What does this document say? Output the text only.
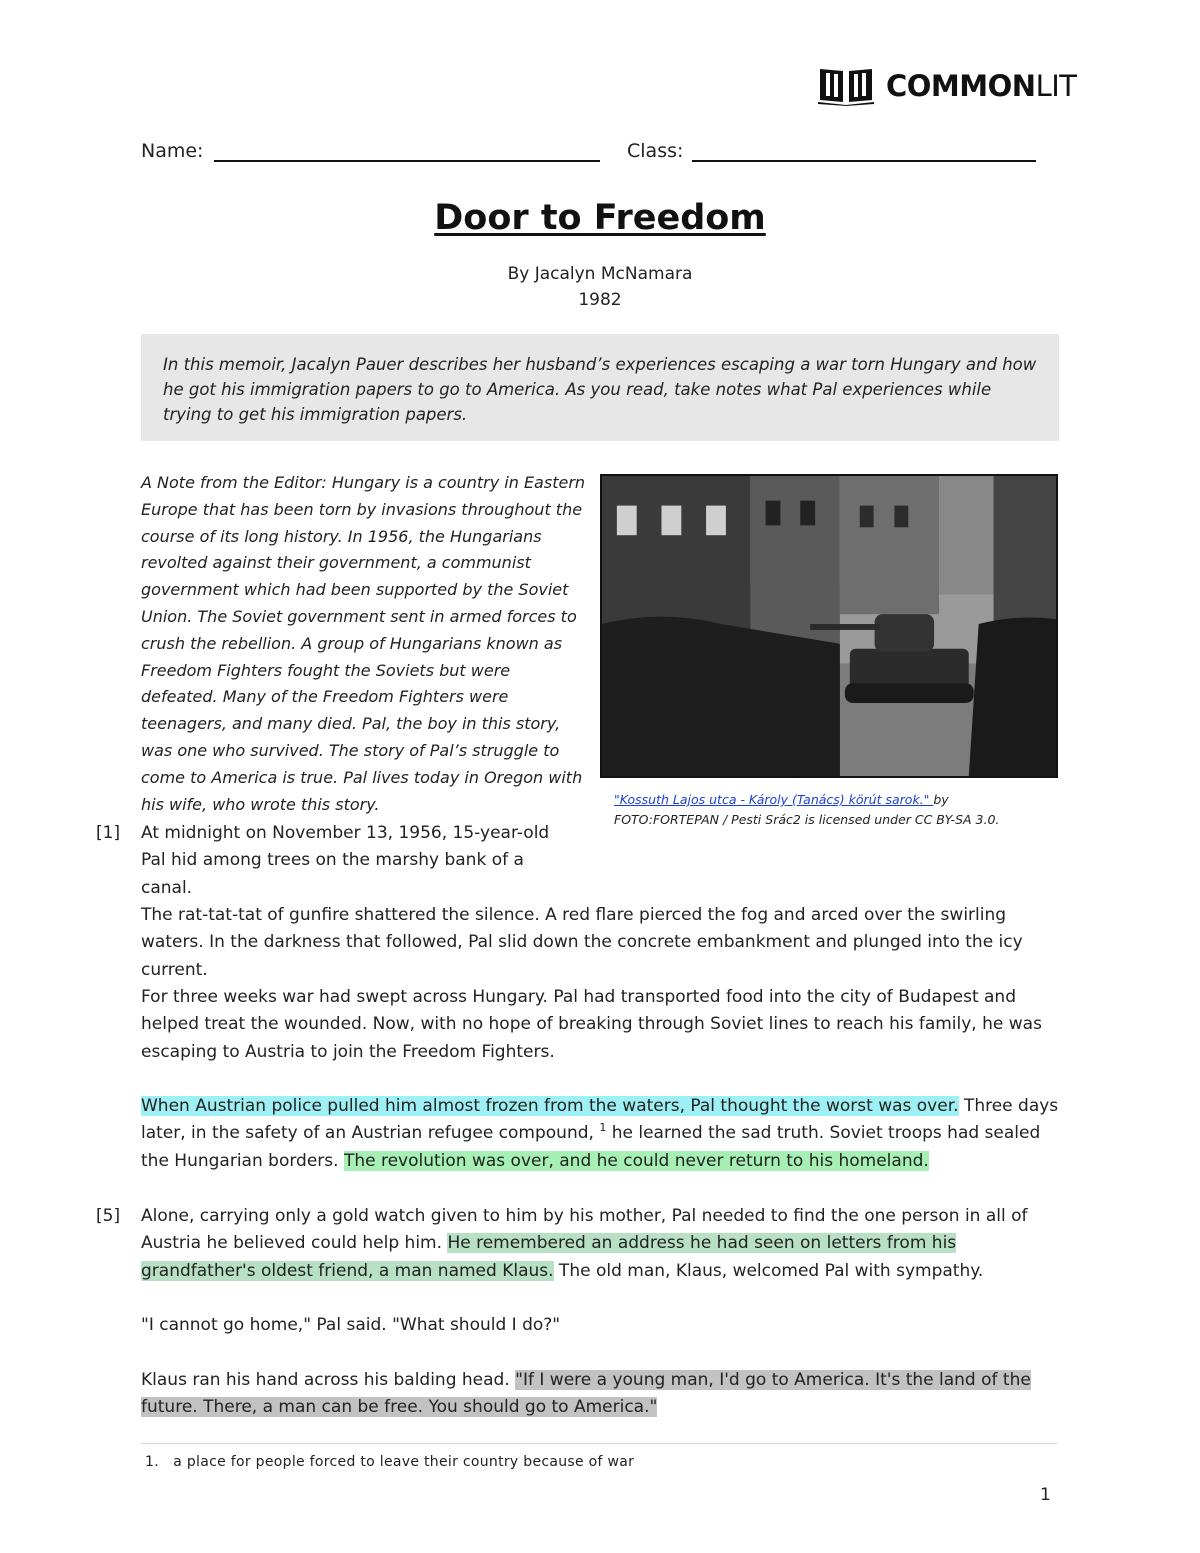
COMMONLIT
Name:	Class:
Door to Freedom
By Jacalyn McNamara
1982

In this memoir, Jacalyn Pauer describes her husband’s experiences escaping a war torn Hungary and how he got his immigration papers to go to America. As you read, take notes what Pal experiences while trying to get his immigration papers.

A Note from the Editor: Hungary is a country in Eastern Europe that has been torn by invasions throughout the course of its long history. In 1956, the Hungarians revolted against their government, a communist government which had been supported by the Soviet Union. The Soviet government sent in armed forces to crush the rebellion. A group of Hungarians known as Freedom Fighters fought the Soviets but were defeated. Many of the Freedom Fighters were teenagers, and many died. Pal, the boy in this story, was one who survived. The story of Pal’s struggle to come to America is true. Pal lives today in Oregon with his wife, who wrote this story.	"Kossuth Lajos utca - Károly (Tanács) körút sarok." by
FOTO:FORTEPAN / Pesti Srác2 is licensed under CC BY-SA 3.0.

[1] At midnight on November 13, 1956, 15-year-old Pal hid among trees on the marshy bank of a canal.

The rat-tat-tat of gunfire shattered the silence. A red flare pierced the fog and arced over the swirling waters. In the darkness that followed, Pal slid down the concrete embankment and plunged into the icy current.

For three weeks war had swept across Hungary. Pal had transported food into the city of Budapest and helped treat the wounded. Now, with no hope of breaking through Soviet lines to reach his family, he was escaping to Austria to join the Freedom Fighters.

When Austrian police pulled him almost frozen from the waters, Pal thought the worst was over. Three days later, in the safety of an Austrian refugee compound, $^1$ he learned the sad truth. Soviet troops had sealed the Hungarian borders. The revolution was over, and he could never return to his homeland.

[5] Alone, carrying only a gold watch given to him by his mother, Pal needed to find the one person in all of Austria he believed could help him. He remembered an address he had seen on letters from his grandfather's oldest friend, a man named Klaus. The old man, Klaus, welcomed Pal with sympathy.

"I cannot go home," Pal said. "What should I do?"

Klaus ran his hand across his balding head. "If I were a young man, I'd go to America. It's the land of the future. There, a man can be free. You should go to America."

1. a place for people forced to leave their country because of war
1
